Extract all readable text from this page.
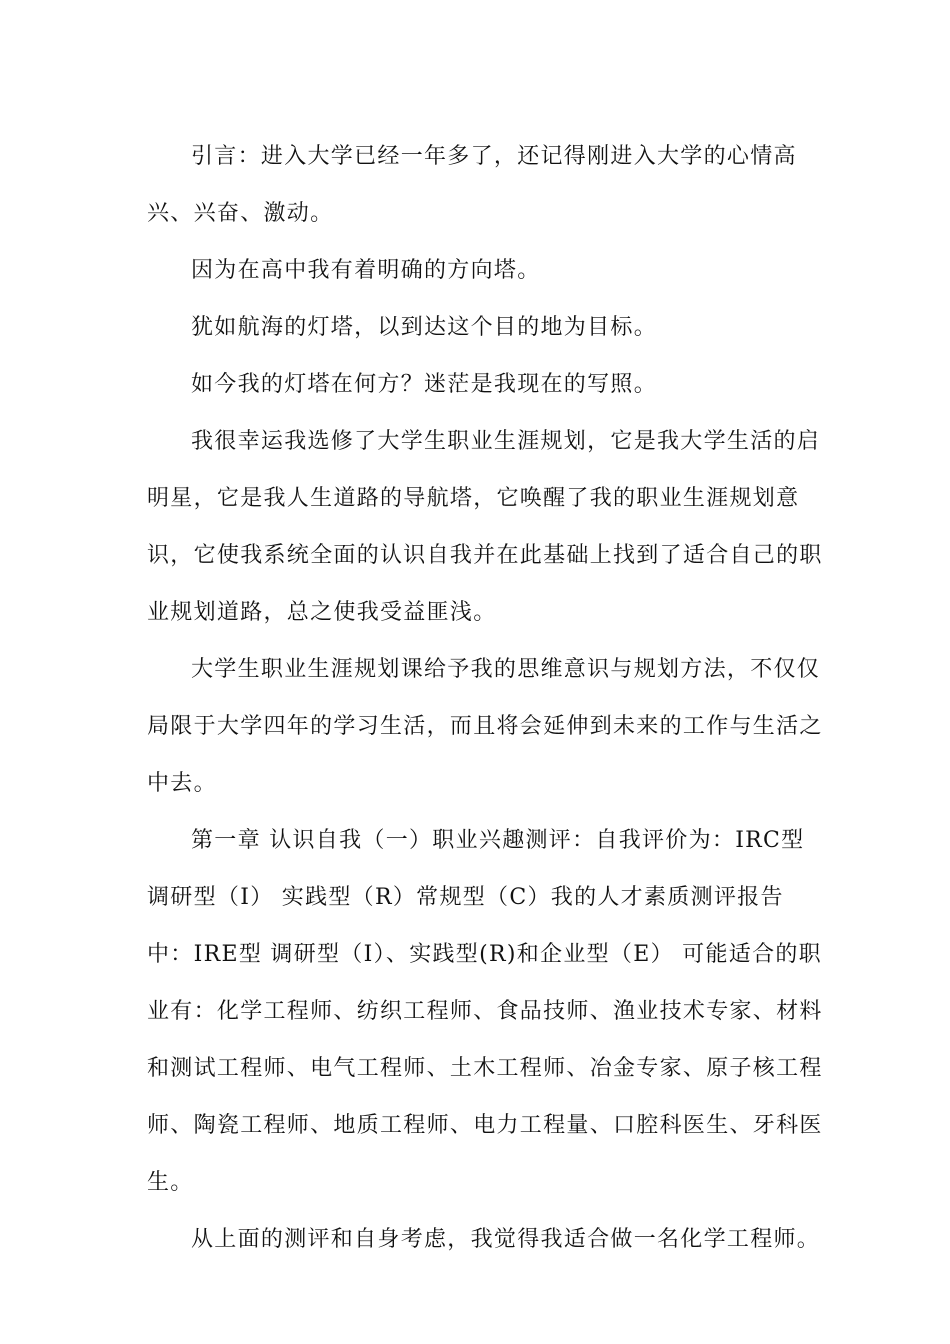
引言：进入大学已经一年多了，还记得刚进入大学的心情高兴、兴奋、激动。

因为在高中我有着明确的方向塔。

犹如航海的灯塔，以到达这个目的地为目标。

如今我的灯塔在何方？迷茫是我现在的写照。

我很幸运我选修了大学生职业生涯规划，它是我大学生活的启明星，它是我人生道路的导航塔，它唤醒了我的职业生涯规划意识，它使我系统全面的认识自我并在此基础上找到了适合自己的职业规划道路，总之使我受益匪浅。

大学生职业生涯规划课给予我的思维意识与规划方法，不仅仅局限于大学四年的学习生活，而且将会延伸到未来的工作与生活之中去。

第一章 认识自我（一）职业兴趣测评：自我评价为：IRC型调研型（I） 实践型（R）常规型（C）我的人才素质测评报告中：IRE型 调研型（I）、实践型(R)和企业型（E） 可能适合的职业有：化学工程师、纺织工程师、食品技师、渔业技术专家、材料和测试工程师、电气工程师、土木工程师、冶金专家、原子核工程师、陶瓷工程师、地质工程师、电力工程量、口腔科医生、牙科医生。

从上面的测评和自身考虑，我觉得我适合做一名化学工程师。
